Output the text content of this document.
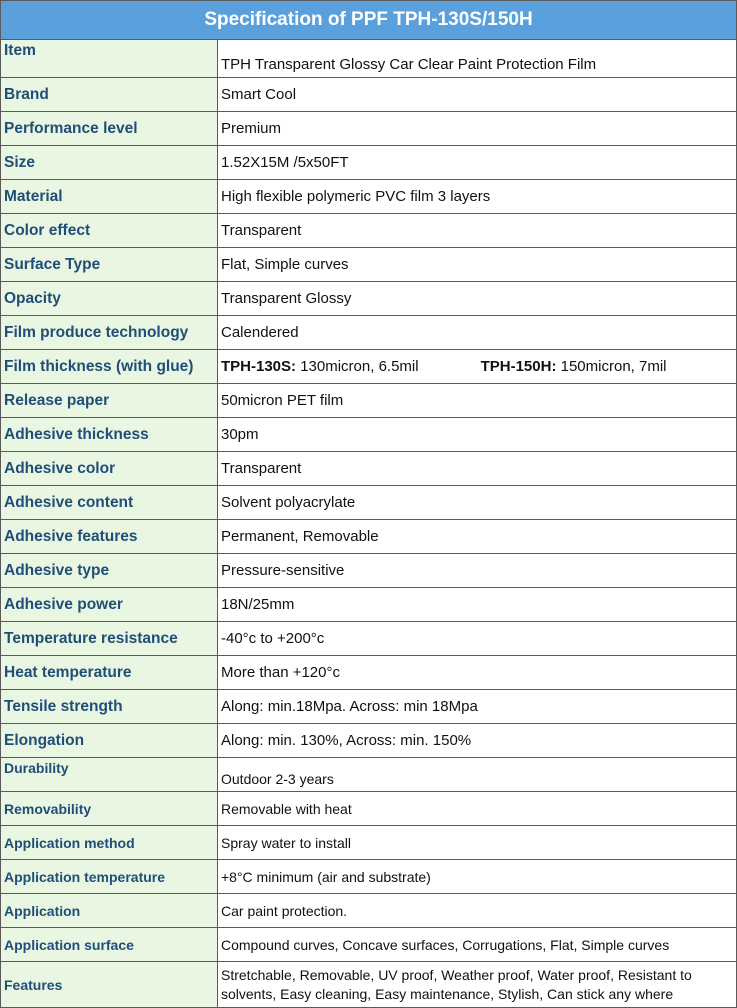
Specification of PPF TPH-130S/150H	
Item	TPH Transparent Glossy Car Clear Paint Protection Film
Brand	Smart Cool
Performance level	Premium
Size	1.52X15M /5x50FT
Material	High flexible polymeric PVC film 3 layers
Color effect	Transparent
Surface Type	Flat, Simple curves
Opacity	Transparent Glossy
Film produce technology	Calendered
Film thickness (with glue)	TPH-130S: 130micron, 6.5mil TPH-150H: 150micron, 7mil
Release paper	50micron PET film
Adhesive thickness	30pm
Adhesive color	Transparent
Adhesive content	Solvent polyacrylate
Adhesive features	Permanent, Removable
Adhesive type	Pressure-sensitive
Adhesive power	18N/25mm
Temperature resistance	-40°c to +200°c
Heat temperature	More than +120°c
Tensile strength	Along: min.18Mpa. Across: min 18Mpa
Elongation	Along: min. 130%, Across: min. 150%
Durability	Outdoor 2-3 years
Removability	Removable with heat
Application method	Spray water to install
Application temperature	+8°C minimum (air and substrate)
Application	Car paint protection.
Application surface	Compound curves, Concave surfaces, Corrugations, Flat, Simple curves
Features	Stretchable, Removable, UV proof, Weather proof, Water proof, Resistant to solvents, Easy cleaning, Easy maintenance, Stylish, Can stick any where
